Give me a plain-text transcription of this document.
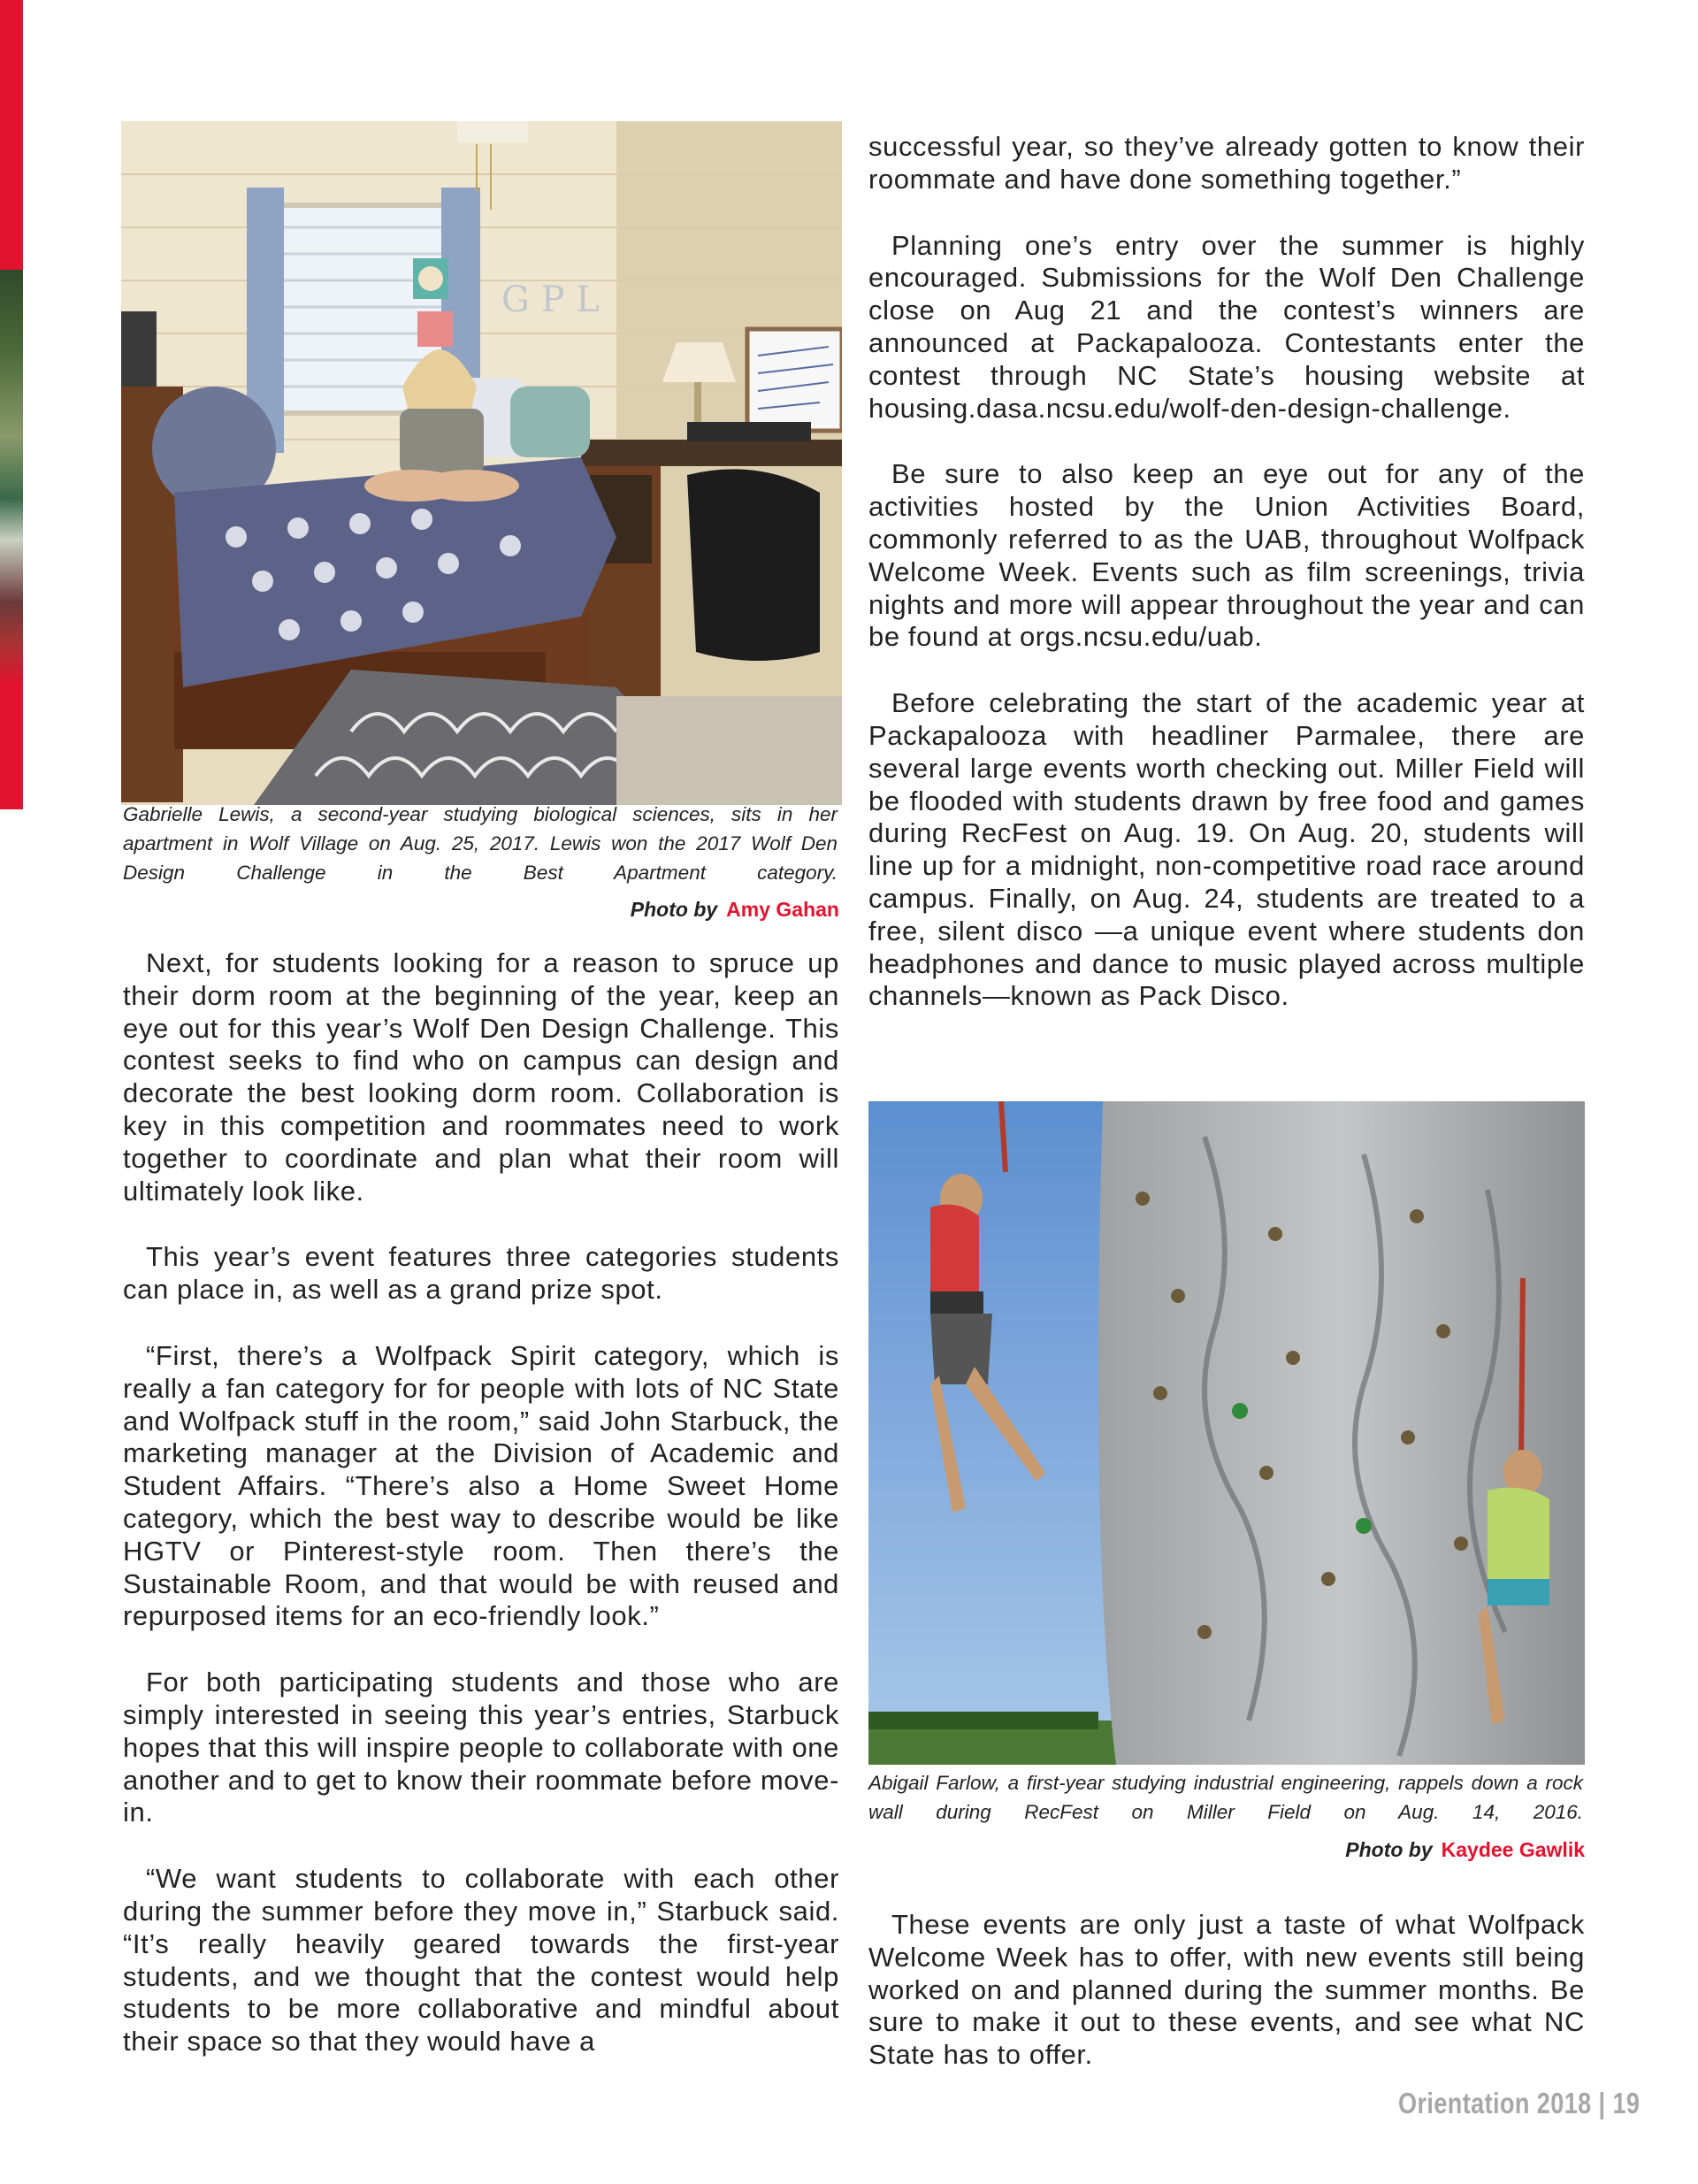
G P L

Gabrielle Lewis, a second-year studying biological sciences, sits in her apartment in Wolf Village on Aug. 25, 2017. Lewis won the 2017 Wolf Den Design Challenge in the Best Apartment category.

Photo by Amy Gahan

Next, for students looking for a reason to spruce up their dorm room at the beginning of the year, keep an eye out for this year’s Wolf Den Design Challenge. This contest seeks to find who on campus can design and decorate the best looking dorm room. Collaboration is key in this competition and roommates need to work together to coordinate and plan what their room will ultimately look like.

This year’s event features three categories students can place in, as well as a grand prize spot.

“First, there’s a Wolfpack Spirit category, which is really a fan category for for people with lots of NC State and Wolfpack stuff in the room,” said John Starbuck, the marketing manager at the Division of Academic and Student Affairs. “There’s also a Home Sweet Home category, which the best way to describe would be like HGTV or Pinterest-style room. Then there’s the Sustainable Room, and that would be with reused and repurposed items for an eco-friendly look.”

For both participating students and those who are simply interested in seeing this year’s entries, Starbuck hopes that this will inspire people to collaborate with one another and to get to know their roommate before move-in.

“We want students to collaborate with each other during the summer before they move in,” Starbuck said. “It’s really heavily geared towards the first-year students, and we thought that the contest would help students to be more collaborative and mindful about their space so that they would have a

successful year, so they’ve already gotten to know their roommate and have done something together.”

Planning one’s entry over the summer is highly encouraged. Submissions for the Wolf Den Challenge close on Aug 21 and the contest’s winners are announced at Packapalooza. Contestants enter the contest through NC State’s housing website at housing.dasa.ncsu.edu/wolf-den-design-challenge.

Be sure to also keep an eye out for any of the activities hosted by the Union Activities Board, commonly referred to as the UAB, throughout Wolfpack Welcome Week. Events such as film screenings, trivia nights and more will appear throughout the year and can be found at orgs.ncsu.edu/uab.

Before celebrating the start of the academic year at Packapalooza with headliner Parmalee, there are several large events worth checking out. Miller Field will be flooded with students drawn by free food and games during RecFest on Aug. 19. On Aug. 20, students will line up for a midnight, non-competitive road race around campus. Finally, on Aug. 24, students are treated to a free, silent disco —a unique event where students don headphones and dance to music played across multiple channels—known as Pack Disco.

Abigail Farlow, a first-year studying industrial engineering, rappels down a rock wall during RecFest on Miller Field on Aug. 14, 2016.

Photo by Kaydee Gawlik

These events are only just a taste of what Wolfpack Welcome Week has to offer, with new events still being worked on and planned during the summer months. Be sure to make it out to these events, and see what NC State has to offer.

Orientation 2018 | 19
